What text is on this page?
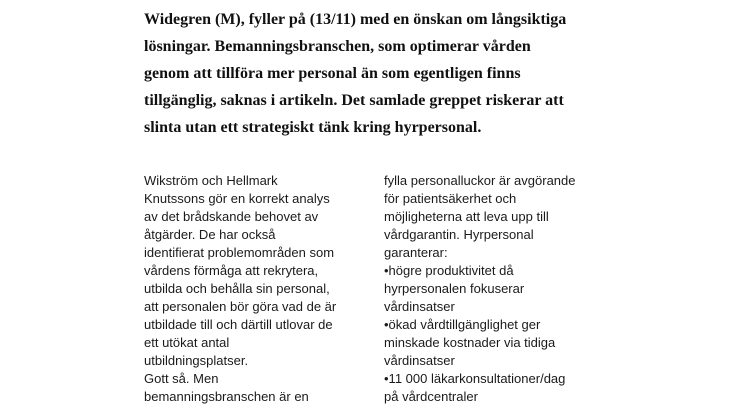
Widegren (M), fyller på (13/11) med en önskan om långsiktiga
lösningar. Bemanningsbranschen, som optimerar vården
genom att tillföra mer personal än som egentligen finns
tillgänglig, saknas i artikeln. Det samlade greppet riskerar att
slinta utan ett strategiskt tänk kring hyrpersonal.
Wikström och Hellmark
Knutssons gör en korrekt analys
av det brådskande behovet av
åtgärder. De har också
identifierat problemområden som
vårdens förmåga att rekrytera,
utbilda och behålla sin personal,
att personalen bör göra vad de är
utbildade till och därtill utlovar de
ett utökat antal
utbildningsplatser.
Gott så. Men
bemanningsbranschen är en
fylla personalluckor är avgörande
för patientsäkerhet och
möjligheterna att leva upp till
vårdgarantin. Hyrpersonal
garanterar:
•högre produktivitet då
hyrpersonalen fokuserar
vårdinsatser
•ökad vårdtillgänglighet ger
minskade kostnader via tidiga
vårdinsatser
•11 000 läkarkonsultationer/dag
på vårdcentraler
